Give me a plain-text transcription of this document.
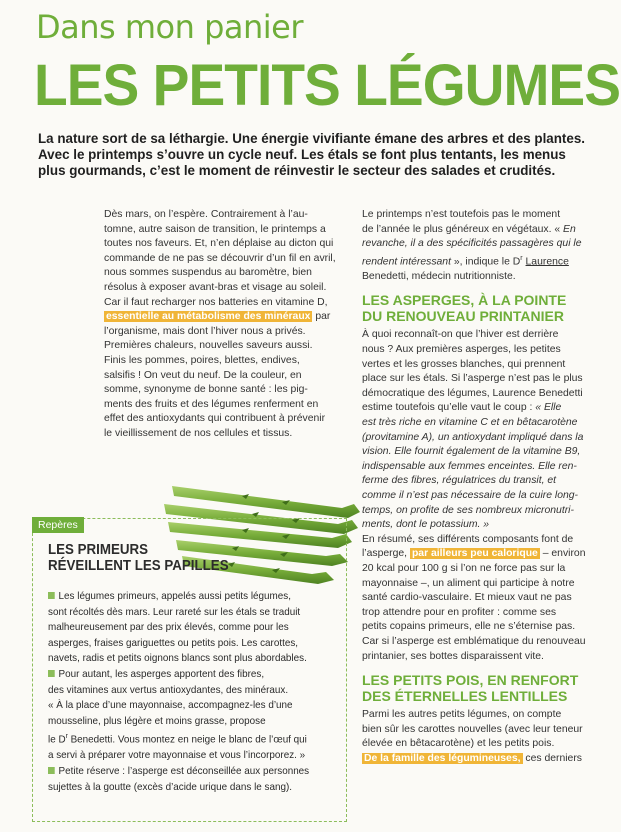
Dans mon panier
LES PETITS LÉGUMES

La nature sort de sa léthargie. Une énergie vivifiante émane des arbres et des plantes.

Avec le printemps s’ouvre un cycle neuf. Les étals se font plus tentants, les menus

plus gourmands, c’est le moment de réinvestir le secteur des salades et crudités.

Dès mars, on l’espère. Contrairement à l’au-
tomne, autre saison de transition, le printemps a
toutes nos faveurs. Et, n’en déplaise au dicton qui
commande de ne pas se découvrir d’un fil en avril,
nous sommes suspendus au baromètre, bien
résolus à exposer avant-bras et visage au soleil.
Car il faut recharger nos batteries en vitamine D,
essentielle au métabolisme des minéraux par
l’organisme, mais dont l’hiver nous a privés.
Premières chaleurs, nouvelles saveurs aussi.
Finis les pommes, poires, blettes, endives,
salsifis ! On veut du neuf. De la couleur, en
somme, synonyme de bonne santé : les pig-
ments des fruits et des légumes renferment en
effet des antioxydants qui contribuent à prévenir
le vieillissement de nos cellules et tissus.
Repères
LES PRIMEURS
RÉVEILLENT LES PAPILLES
Les légumes primeurs, appelés aussi petits légumes,
sont récoltés dès mars. Leur rareté sur les étals se traduit
malheureusement par des prix élevés, comme pour les
asperges, fraises gariguettes ou petits pois. Les carottes,
navets, radis et petits oignons blancs sont plus abordables.
Pour autant, les asperges apportent des fibres,
des vitamines aux vertus antioxydantes, des minéraux.
« À la place d’une mayonnaise, accompagnez-les d’une
mousseline, plus légère et moins grasse, propose
le $D^r$ Benedetti. Vous montez en neige le blanc de l’œuf qui
a servi à préparer votre mayonnaise et vous l’incorporez. »
Petite réserve : l’asperge est déconseillée aux personnes
sujettes à la goutte (excès d’acide urique dans le sang).
Le printemps n’est toutefois pas le moment
de l’année le plus généreux en végétaux. « En
revanche, il a des spécificités passagères qui le
rendent intéressant », indique le $D^r$ Laurence
Benedetti, médecin nutritionniste.
LES ASPERGES, À LA POINTE
DU RENOUVEAU PRINTANIER
À quoi reconnaît-on que l’hiver est derrière
nous ? Aux premières asperges, les petites
vertes et les grosses blanches, qui prennent
place sur les étals. Si l’asperge n’est pas le plus
démocratique des légumes, Laurence Benedetti
estime toutefois qu’elle vaut le coup : « Elle
est très riche en vitamine C et en bêtacarotène
(provitamine A), un antioxydant impliqué dans la
vision. Elle fournit également de la vitamine B9,
indispensable aux femmes enceintes. Elle ren-
ferme des fibres, régulatrices du transit, et
comme il n’est pas nécessaire de la cuire long-
temps, on profite de ses nombreux micronutri-
ments, dont le potassium. »
En résumé, ses différents composants font de
l’asperge, par ailleurs peu calorique – environ
20 kcal pour 100 g si l’on ne force pas sur la
mayonnaise –, un aliment qui participe à notre
santé cardio-vasculaire. Et mieux vaut ne pas
trop attendre pour en profiter : comme ses
petits copains primeurs, elle ne s’éternise pas.
Car si l’asperge est emblématique du renouveau
printanier, ses bottes disparaissent vite.
LES PETITS POIS, EN RENFORT
DES ÉTERNELLES LENTILLES
Parmi les autres petits légumes, on compte
bien sûr les carottes nouvelles (avec leur teneur
élevée en bêtacarotène) et les petits pois.
De la famille des légumineuses, ces derniers
